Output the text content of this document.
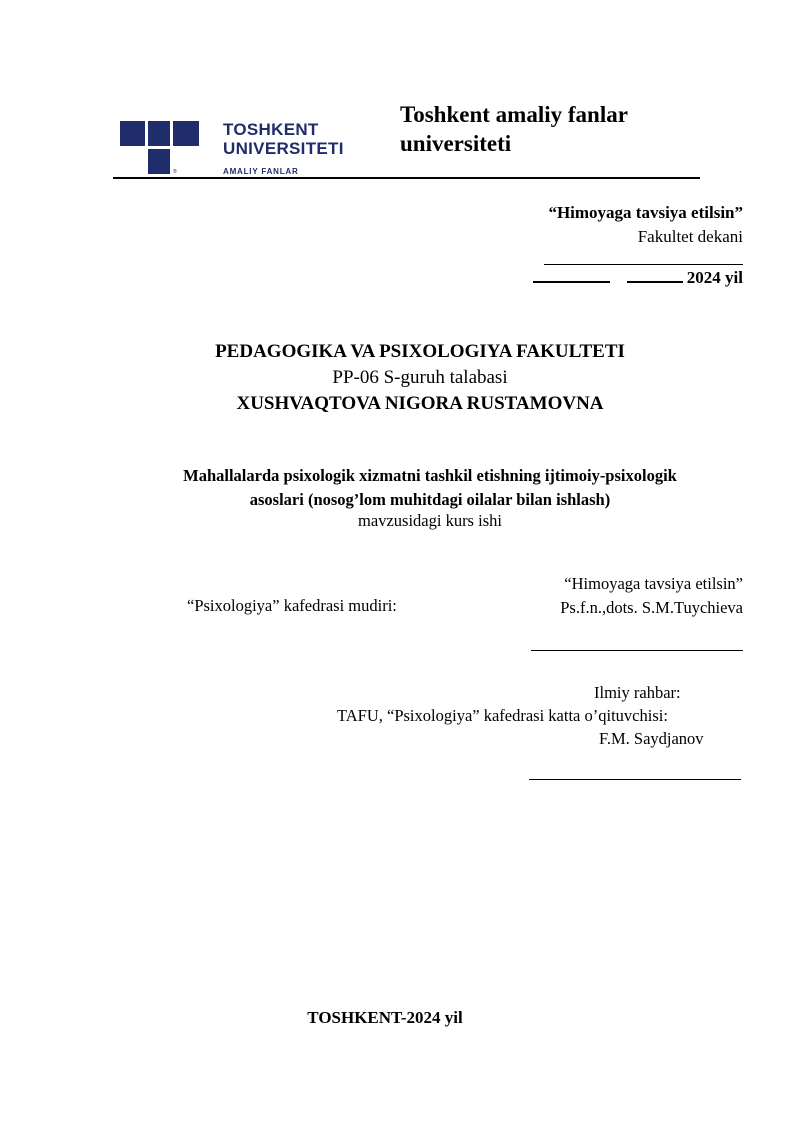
TOSHKENT
UNIVERSITETI
®	AMALIY FANLAR
Toshkent amaliy fanlar
universiteti
“Himoyaga tavsiya etilsin”
Fakultet dekani
2024 yil
PEDAGOGIKA VA PSIXOLOGIYA FAKULTETI
PP-06 S-guruh talabasi
XUSHVAQTOVA NIGORA RUSTAMOVNA
Mahallalarda psixologik xizmatni tashkil etishning ijtimoiy-psixologik
asoslari (nosog’lom muhitdagi oilalar bilan ishlash)
mavzusidagi kurs ishi
“Psixologiya” kafedrasi mudiri:
“Himoyaga tavsiya etilsin”
Ps.f.n.,dots. S.M.Tuychieva
Ilmiy rahbar:
TAFU, “Psixologiya” kafedrasi katta o’qituvchisi:
F.M. Saydjanov
TOSHKENT-2024 yil
